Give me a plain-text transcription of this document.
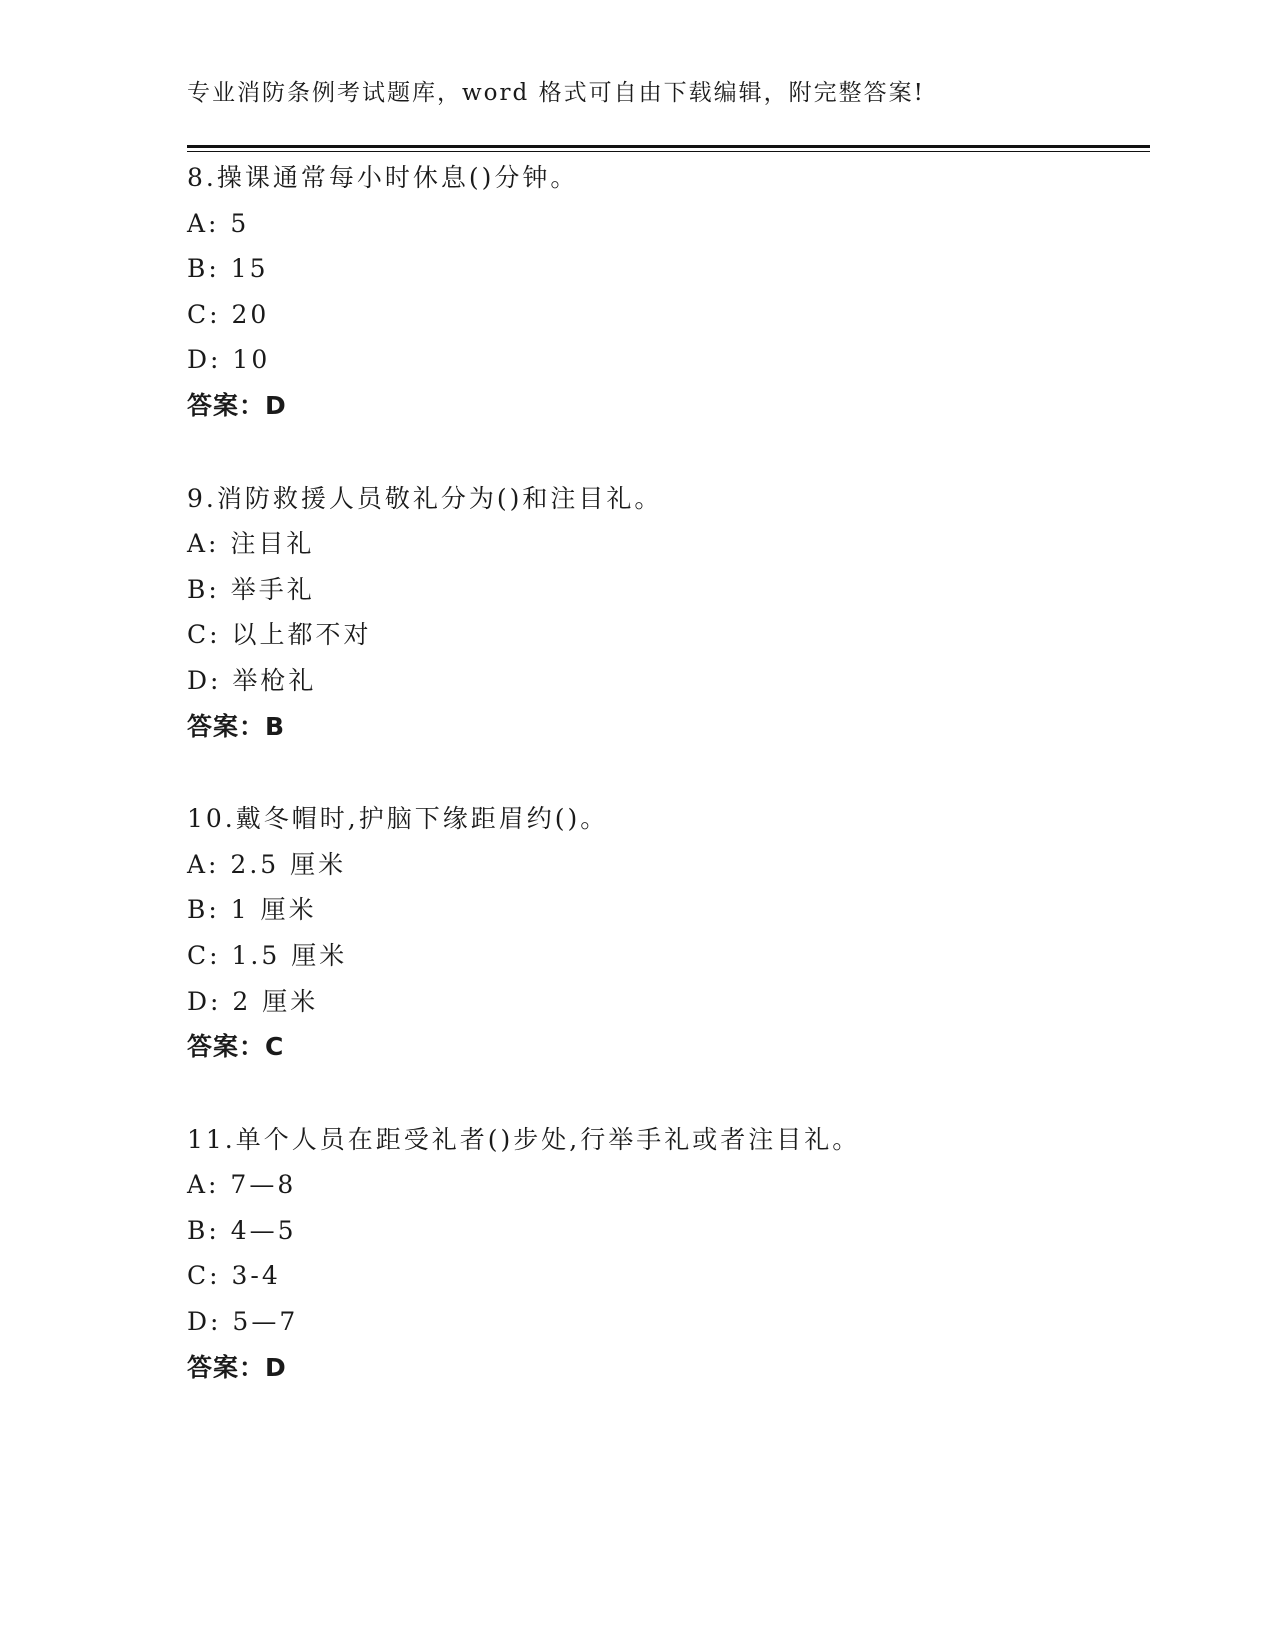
专业消防条例考试题库，word 格式可自由下载编辑，附完整答案!
8.操课通常每小时休息()分钟。
A: 5
B: 15
C: 20
D: 10
答案：D
9.消防救援人员敬礼分为()和注目礼。
A: 注目礼
B: 举手礼
C: 以上都不对
D: 举枪礼
答案：B
10.戴冬帽时,护脑下缘距眉约()。
A: 2.5 厘米
B: 1 厘米
C: 1.5 厘米
D: 2 厘米
答案：C
11.单个人员在距受礼者()步处,行举手礼或者注目礼。
A: 7—8
B: 4—5
C: 3-4
D: 5—7
答案：D
